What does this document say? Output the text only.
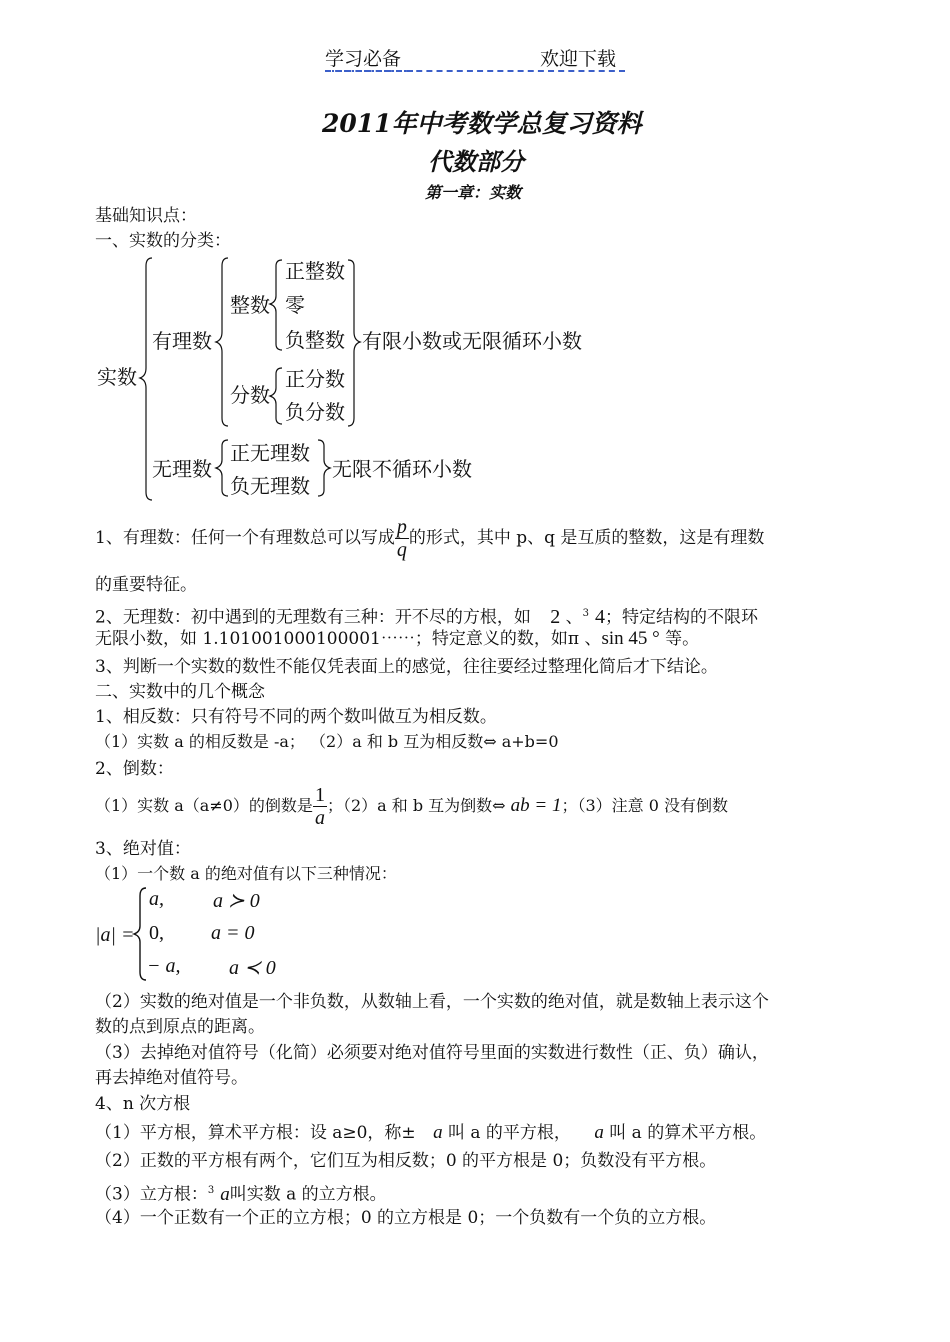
学习必备	欢迎下载
2011年中考数学总复习资料
代数部分
第一章：实数
基础知识点：
一、实数的分类：
实数
有理数
整数
正整数
零
负整数
分数
正分数
负分数
有限小数或无限循环小数
无理数
正无理数
负无理数
无限不循环小数
1、有理数：任何一个有理数总可以写成 $\frac{p}{q}$ 的形式，其中 p、q 是互质的整数，这是有理数
的重要特征。
2、无理数：初中遇到的无理数有三种：开不尽的方根，如 2 、$^3$ 4；特定结构的不限环
无限小数，如 1.101001000100001⋯⋯；特定意义的数，如π 、sin 45 ° 等。
3、判断一个实数的数性不能仅凭表面上的感觉，往往要经过整理化简后才下结论。
二、实数中的几个概念
1、相反数：只有符号不同的两个数叫做互为相反数。
（1）实数 a 的相反数是 -a； （2）a 和 b 互为相反数⇔ a+b=0
2、倒数：
（1）实数 a（a≠0）的倒数是 $\frac{1}{a}$ ；（2）a 和 b 互为倒数⇔ ab = 1；（3）注意 0 没有倒数
3、绝对值：
（1）一个数 a 的绝对值有以下三种情况：
|a| =
a, a ≻ 0
0, a = 0
− a, a ≺ 0
（2）实数的绝对值是一个非负数，从数轴上看，一个实数的绝对值，就是数轴上表示这个
数的点到原点的距离。
（3）去掉绝对值符号（化简）必须要对绝对值符号里面的实数进行数性（正、负）确认，
再去掉绝对值符号。
4、n 次方根
（1）平方根，算术平方根：设 a≥0，称± a 叫 a 的平方根， a 叫 a 的算术平方根。
（2）正数的平方根有两个，它们互为相反数；0 的平方根是 0；负数没有平方根。
（3）立方根：$^3$ a叫实数 a 的立方根。
（4）一个正数有一个正的立方根；0 的立方根是 0；一个负数有一个负的立方根。
